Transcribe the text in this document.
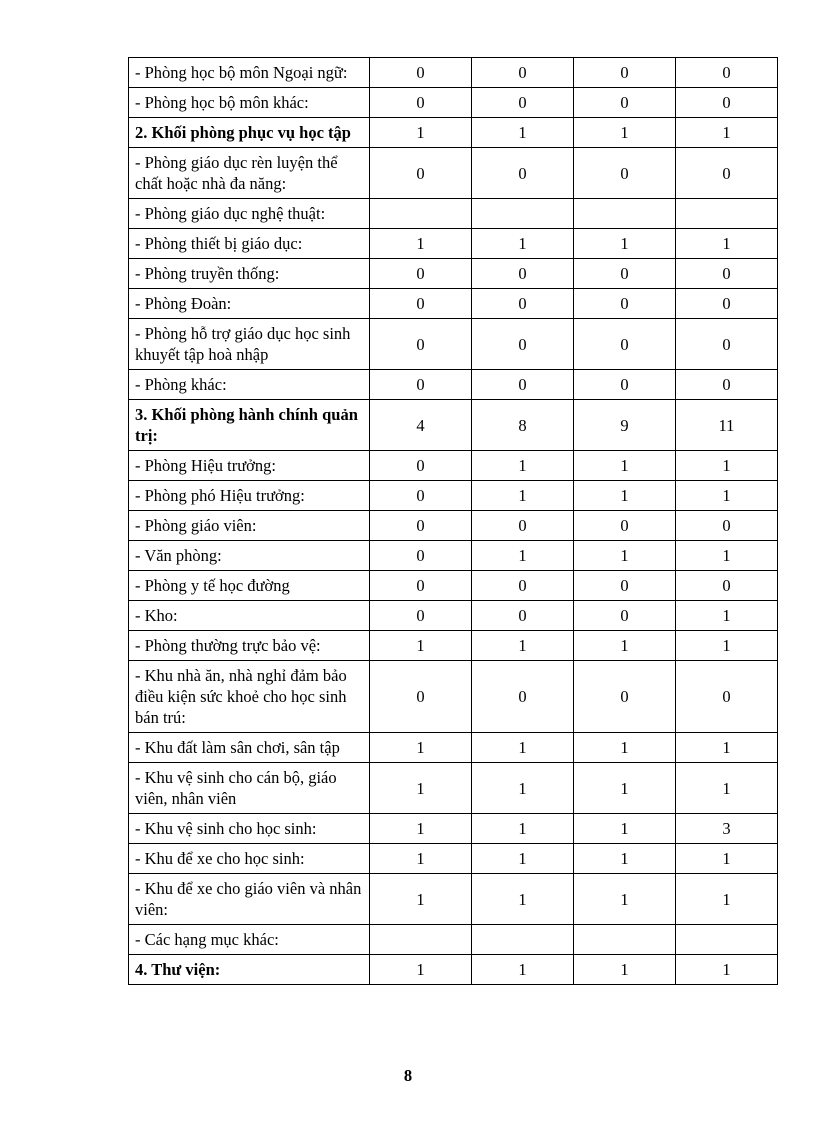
- Phòng học bộ môn Ngoại ngữ:	0	0	0	0
- Phòng học bộ môn khác:	0	0	0	0
2. Khối phòng phục vụ học tập	1	1	1	1
- Phòng giáo dục rèn luyện thể chất hoặc nhà đa năng:	0	0	0	0
- Phòng giáo dục nghệ thuật:				
- Phòng thiết bị giáo dục:	1	1	1	1
- Phòng truyền thống:	0	0	0	0
- Phòng Đoàn:	0	0	0	0
- Phòng hỗ trợ giáo dục học sinh khuyết tập hoà nhập	0	0	0	0
- Phòng khác:	0	0	0	0
3. Khối phòng hành chính quản trị:	4	8	9	11
- Phòng Hiệu trưởng:	0	1	1	1
- Phòng phó Hiệu trưởng:	0	1	1	1
- Phòng giáo viên:	0	0	0	0
- Văn phòng:	0	1	1	1
- Phòng y tế học đường	0	0	0	0
- Kho:	0	0	0	1
- Phòng thường trực bảo vệ:	1	1	1	1
- Khu nhà ăn, nhà nghỉ đảm bảo điều kiện sức khoẻ cho học sinh bán trú:	0	0	0	0
- Khu đất làm sân chơi, sân tập	1	1	1	1
- Khu vệ sinh cho cán bộ, giáo viên, nhân viên	1	1	1	1
- Khu vệ sinh cho học sinh:	1	1	1	3
- Khu để xe cho học sinh:	1	1	1	1
- Khu để xe cho giáo viên và nhân viên:	1	1	1	1
- Các hạng mục khác:				
4. Thư viện:	1	1	1	1
8
